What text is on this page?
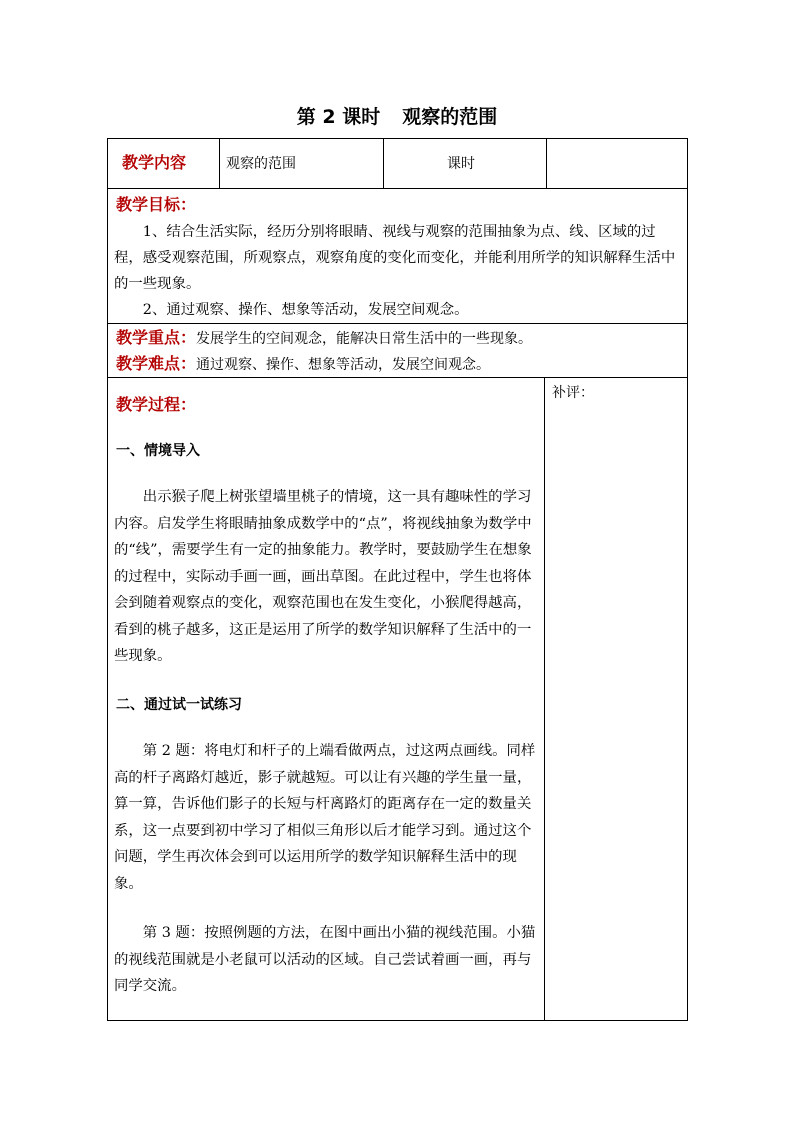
第 2 课时 观察的范围
教学内容	观察的范围	课时
教学目标：

1、结合生活实际，经历分别将眼睛、视线与观察的范围抽象为点、线、区域的过程，感受观察范围，所观察点，观察角度的变化而变化，并能利用所学的知识解释生活中的一些现象。

2、通过观察、操作、想象等活动，发展空间观念。

教学重点：发展学生的空间观念，能解决日常生活中的一些现象。
教学难点：通过观察、操作、想象等活动，发展空间观念。
教学过程：
一、情境导入

出示猴子爬上树张望墙里桃子的情境，这一具有趣味性的学习内容。启发学生将眼睛抽象成数学中的“点”，将视线抽象为数学中的“线”，需要学生有一定的抽象能力。教学时，要鼓励学生在想象的过程中，实际动手画一画，画出草图。在此过程中，学生也将体会到随着观察点的变化，观察范围也在发生变化，小猴爬得越高，看到的桃子越多，这正是运用了所学的数学知识解释了生活中的一些现象。

二、通过试一试练习

第 2 题：将电灯和杆子的上端看做两点，过这两点画线。同样高的杆子离路灯越近，影子就越短。可以让有兴趣的学生量一量，算一算，告诉他们影子的长短与杆离路灯的距离存在一定的数量关系，这一点要到初中学习了相似三角形以后才能学习到。通过这个问题，学生再次体会到可以运用所学的数学知识解释生活中的现象。

第 3 题：按照例题的方法，在图中画出小猫的视线范围。小猫的视线范围就是小老鼠可以活动的区域。自己尝试着画一画，再与同学交流。

补评：
